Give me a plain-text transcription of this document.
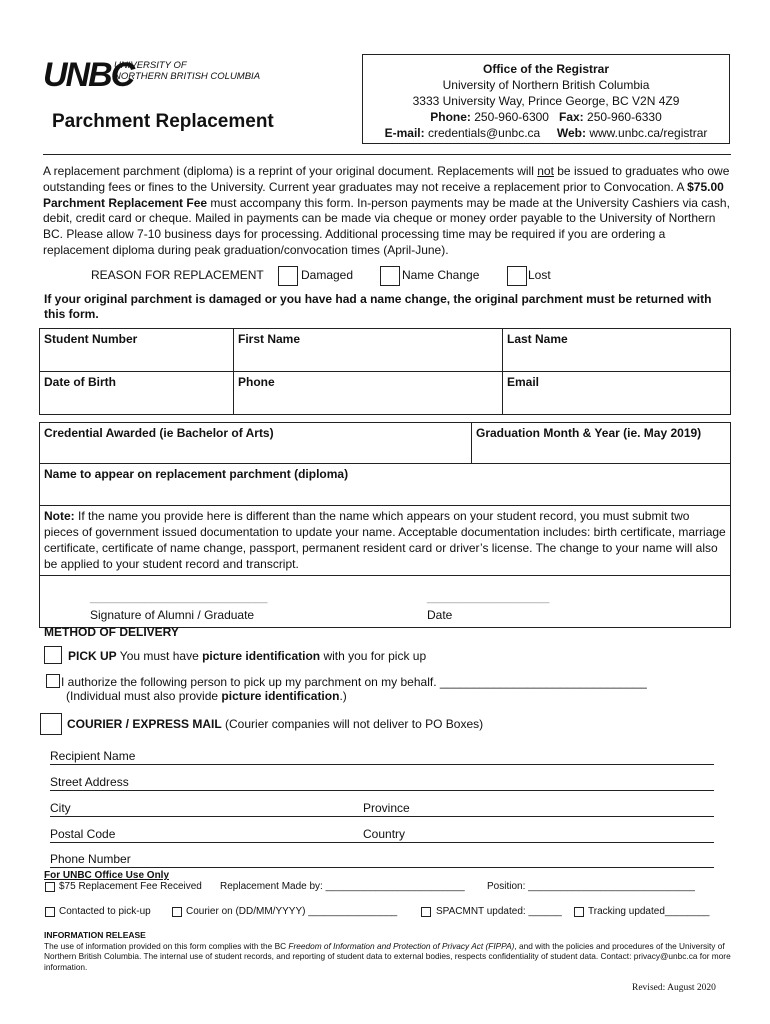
UNBC
UNIVERSITY OF
NORTHERN BRITISH COLUMBIA
Parchment Replacement
Office of the Registrar
University of Northern British Columbia
3333 University Way, Prince George, BC V2N 4Z9
Phone: 250-960-6300 Fax: 250-960-6330
E-mail: credentials@unbc.ca Web: www.unbc.ca/registrar
A replacement parchment (diploma) is a reprint of your original document. Replacements will not be issued to graduates who owe outstanding fees or fines to the University. Current year graduates may not receive a replacement prior to Convocation. A $75.00 Parchment Replacement Fee must accompany this form. In-person payments may be made at the University Cashiers via cash, debit, credit card or cheque. Mailed in payments can be made via cheque or money order payable to the University of Northern BC. Please allow 7-10 business days for processing. Additional processing time may be required if you are ordering a replacement diploma during peak graduation/convocation times (April-June).
REASON FOR REPLACEMENT	Damaged	Name Change	Lost
If your original parchment is damaged or you have had a name change, the original parchment must be returned with this form.
Student Number	First Name	Last Name
Date of Birth	Phone	Email
Credential Awarded (ie Bachelor of Arts)	Graduation Month & Year (ie. May 2019)
Name to appear on replacement parchment (diploma)
Note: If the name you provide here is different than the name which appears on your student record, you must submit two pieces of government issued documentation to update your name. Acceptable documentation includes: birth certificate, marriage certificate, certificate of name change, passport, permanent resident card or driver’s license. The change to your name will also be applied to your student record and transcript.

_____________________________
Signature of Alumni / Graduate
____________________
Date
METHOD OF DELIVERY
PICK UP You must have picture identification with you for pick up
I authorize the following person to pick up my parchment on my behalf. _______________________________
(Individual must also provide picture identification.)
COURIER / EXPRESS MAIL (Courier companies will not deliver to PO Boxes)
Recipient Name
Street Address
City	Province
Postal Code	Country
Phone Number
For UNBC Office Use Only
$75 Replacement Fee Received Replacement Made by: _________________________ Position: ______________________________
Contacted to pick-up	Courier on (DD/MM/YYYY) ________________	SPACMNT updated: ______	Tracking updated________
INFORMATION RELEASE
The use of information provided on this form complies with the BC Freedom of Information and Protection of Privacy Act (FIPPA), and with the policies and procedures of the University of Northern British Columbia. The internal use of student records, and reporting of student data to external bodies, respects confidentiality of student data. Contact: privacy@unbc.ca for more information.
Revised: August 2020
